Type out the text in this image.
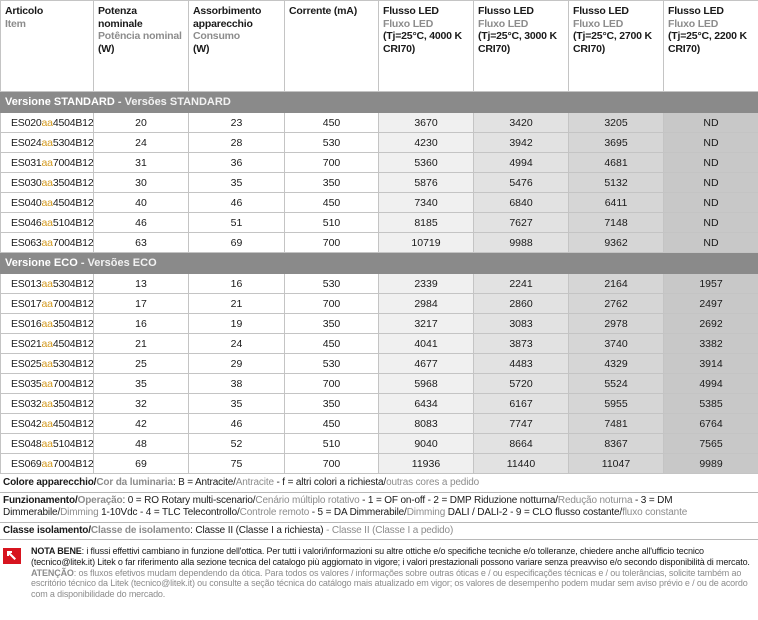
Articolo
Item	Potenza nominale
Potência nominal
(W)	Assorbimento apparecchio
Consumo
(W)	Corrente (mA)	Flusso LED
Fluxo LED
(Tj=25°C, 4000 K CRI70)	Flusso LED
Fluxo LED
(Tj=25°C, 3000 K CRI70)	Flusso LED
Fluxo LED
(Tj=25°C, 2700 K CRI70)	Flusso LED
Fluxo LED
(Tj=25°C, 2200 K CRI70)

Versione STANDARD - Versões STANDARD							
ES020aa4504B12	20	23	450	3670	3420	3205	ND
ES024aa5304B12	24	28	530	4230	3942	3695	ND
ES031aa7004B12	31	36	700	5360	4994	4681	ND
ES030aa3504B12	30	35	350	5876	5476	5132	ND
ES040aa4504B12	40	46	450	7340	6840	6411	ND
ES046aa5104B12	46	51	510	8185	7627	7148	ND
ES063aa7004B12	63	69	700	10719	9988	9362	ND
Versione ECO - Versões ECO							
ES013aa5304B12	13	16	530	2339	2241	2164	1957
ES017aa7004B12	17	21	700	2984	2860	2762	2497
ES016aa3504B12	16	19	350	3217	3083	2978	2692
ES021aa4504B12	21	24	450	4041	3873	3740	3382
ES025aa5304B12	25	29	530	4677	4483	4329	3914
ES035aa7004B12	35	38	700	5968	5720	5524	4994
ES032aa3504B12	32	35	350	6434	6167	5955	5385
ES042aa4504B12	42	46	450	8083	7747	7481	6764
ES048aa5104B12	48	52	510	9040	8664	8367	7565
ES069aa7004B12	69	75	700	11936	11440	11047	9989
Colore apparecchio/Cor da luminaria: B = Antracite/Antracite - f = altri colori a richiesta/outras cores a pedido
Funzionamento/Operação: 0 = RO Rotary multi-scenario/Cenário múltiplo rotativo - 1 = OF on-off - 2 = DMP Riduzione notturna/Redução noturna - 3 = DM Dimmerabile/Dimming 1-10Vdc - 4 = TLC Telecontrollo/Controle remoto - 5 = DA Dimmerabile/Dimming DALI / DALI-2 - 9 = CLO flusso costante/fluxo constante
Classe isolamento/Classe de isolamento: Classe II (Classe I a richiesta) - Classe II (Classe I a pedido)
NOTA BENE: i flussi effettivi cambiano in funzione dell'ottica. Per tutti i valori/informazioni su altre ottiche e/o specifiche tecniche e/o tolleranze, chiedere anche all'ufficio tecnico (tecnico@litek.it) Litek o far riferimento alla sezione tecnica del catalogo più aggiornato in vigore; i valori prestazionali possono variare senza preavviso e/o secondo disponibilità di mercato.
ATENÇÃO: os fluxos efetivos mudam dependendo da ótica. Para todos os valores / informações sobre outras óticas e / ou especificações técnicas e / ou tolerâncias, solicite também ao escritório técnico da Litek (tecnico@litek.it) ou consulte a seção técnica do catálogo mais atualizado em vigor; os valores de desempenho podem mudar sem aviso prévio e / ou de acordo com a disponibilidade do mercado.
